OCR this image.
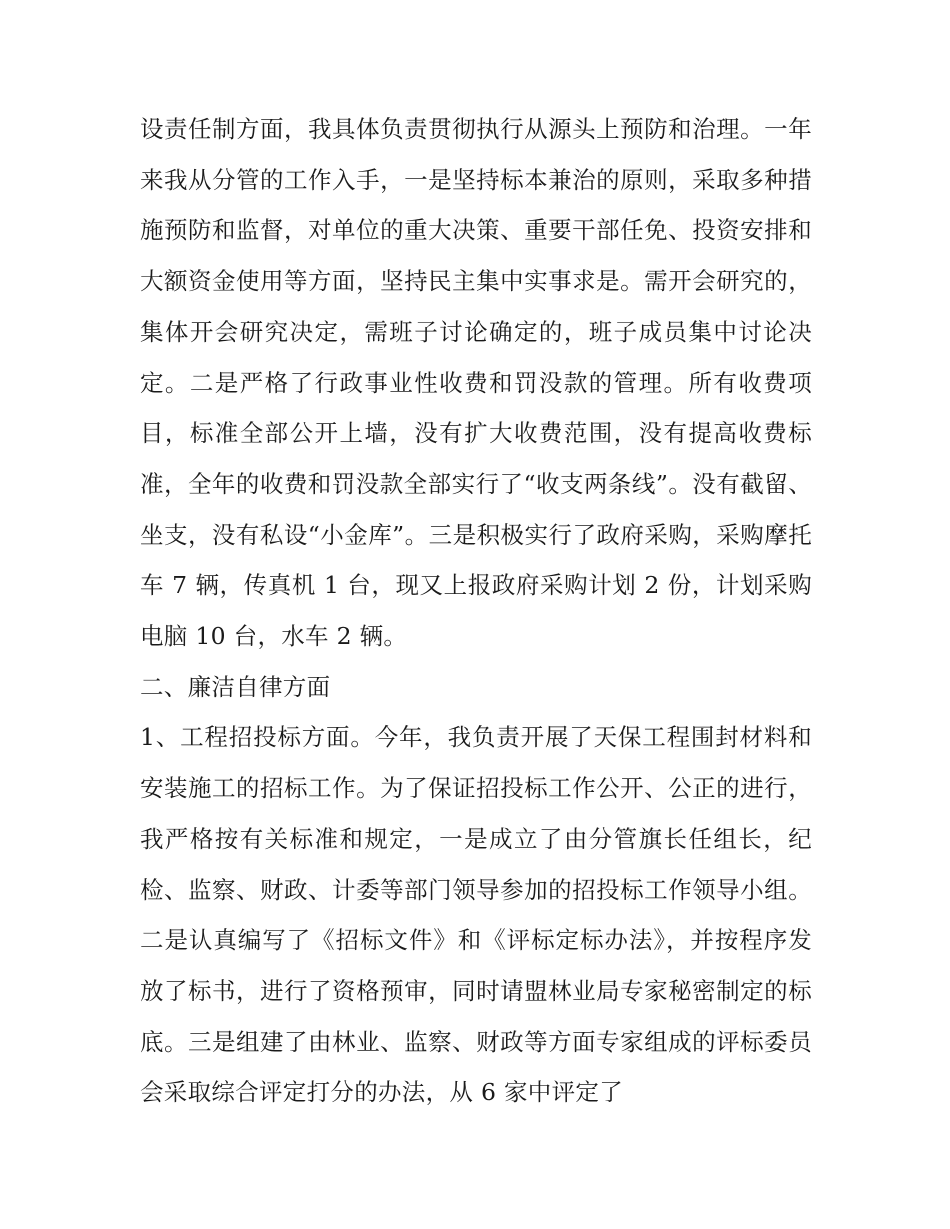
设责任制方面，我具体负责贯彻执行从源头上预防和治理。一年来我从分管的工作入手，一是坚持标本兼治的原则，采取多种措施预防和监督，对单位的重大决策、重要干部任免、投资安排和大额资金使用等方面，坚持民主集中实事求是。需开会研究的，集体开会研究决定，需班子讨论确定的，班子成员集中讨论决定。二是严格了行政事业性收费和罚没款的管理。所有收费项目，标准全部公开上墙，没有扩大收费范围，没有提高收费标准，全年的收费和罚没款全部实行了“收支两条线”。没有截留、坐支，没有私设“小金库”。三是积极实行了政府采购，采购摩托车 7 辆，传真机 1 台，现又上报政府采购计划 2 份，计划采购电脑 10 台，水车 2 辆。

二、廉洁自律方面

1、工程招投标方面。今年，我负责开展了天保工程围封材料和安装施工的招标工作。为了保证招投标工作公开、公正的进行，我严格按有关标准和规定，一是成立了由分管旗长任组长，纪检、监察、财政、计委等部门领导参加的招投标工作领导小组。二是认真编写了《招标文件》和《评标定标办法》，并按程序发放了标书，进行了资格预审，同时请盟林业局专家秘密制定的标底。三是组建了由林业、监察、财政等方面专家组成的评标委员会采取综合评定打分的办法，从 6 家中评定了
